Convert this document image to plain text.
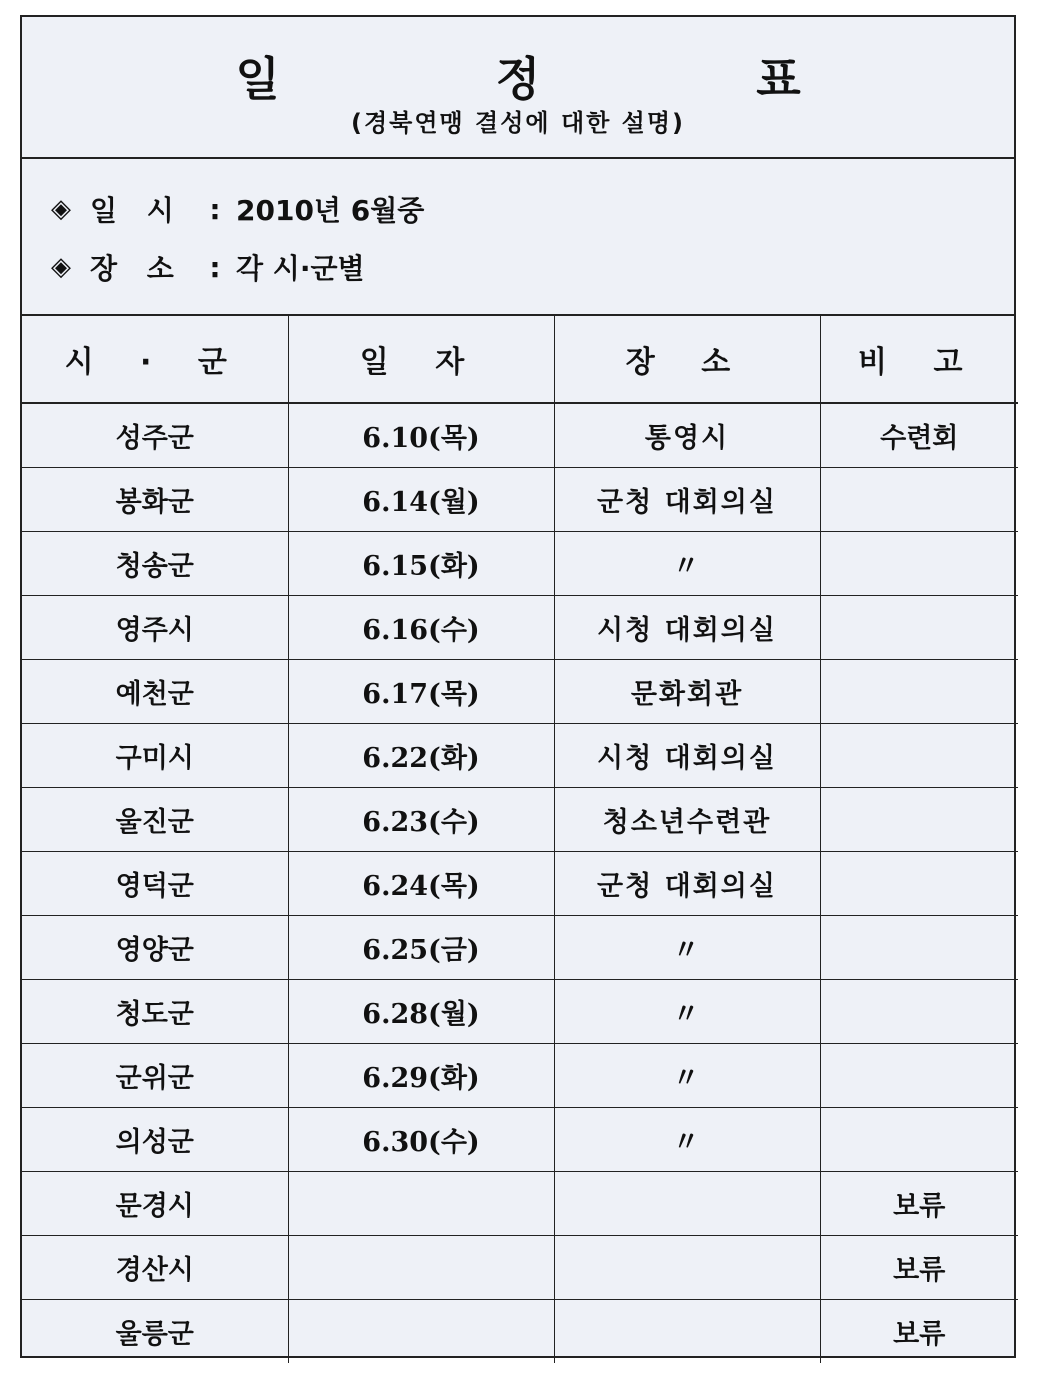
일 정 표
(경북연맹 결성에 대한 설명)
◈ 일 시 : 2010년 6월중
◈ 장 소 : 각 시·군별
시 · 군	일 자	장 소	비 고
성주군	6.10(목)	통영시	수련회
봉화군	6.14(월)	군청 대회의실	
청송군	6.15(화)	〃	
영주시	6.16(수)	시청 대회의실	
예천군	6.17(목)	문화회관	
구미시	6.22(화)	시청 대회의실	
울진군	6.23(수)	청소년수련관	
영덕군	6.24(목)	군청 대회의실	
영양군	6.25(금)	〃	
청도군	6.28(월)	〃	
군위군	6.29(화)	〃	
의성군	6.30(수)	〃	
문경시			보류
경산시			보류
울릉군			보류
